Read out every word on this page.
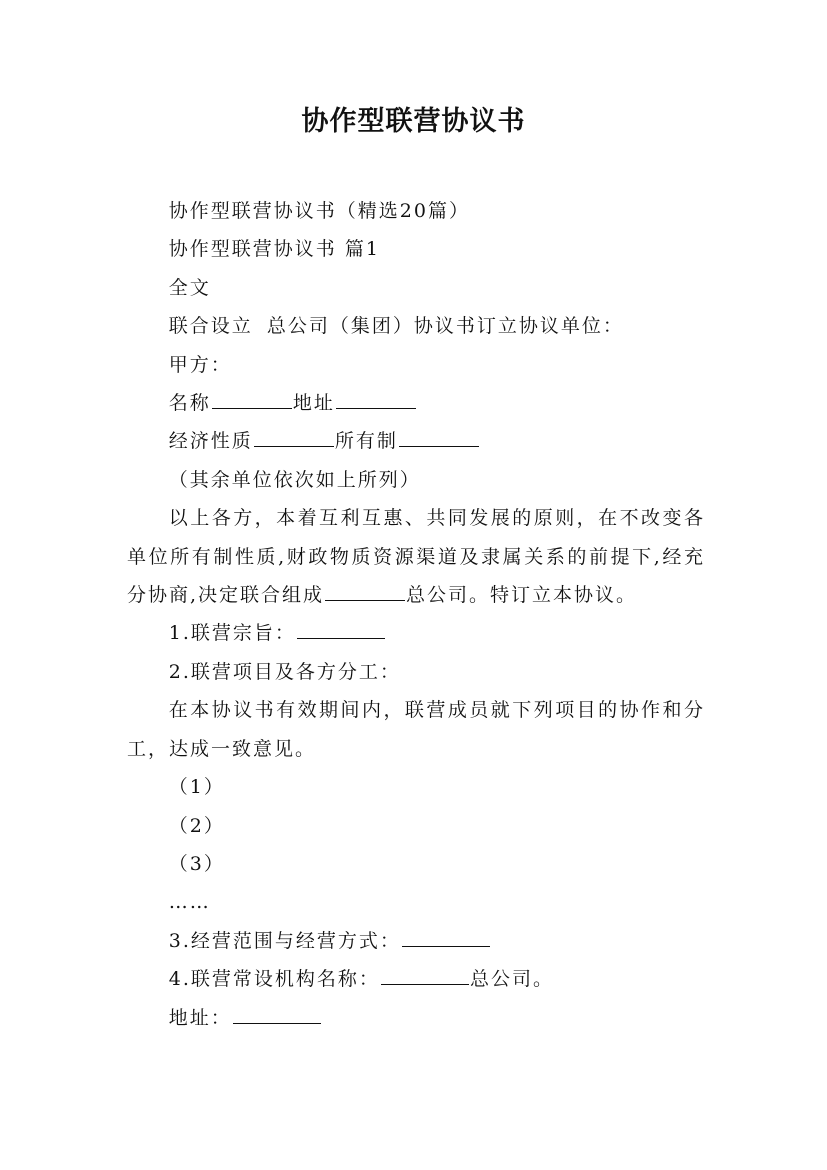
协作型联营协议书

协作型联营协议书（精选20篇）

协作型联营协议书 篇1

全文

联合设立 总公司（集团）协议书订立协议单位：

甲方：

名称	地址

经济性质	所有制

（其余单位依次如上所列）

以上各方，本着互利互惠、共同发展的原则，在不改变各单位所有制性质,财政物质资源渠道及隶属关系的前提下,经充分协商,决定联合组成	总公司。特订立本协议。

1.联营宗旨：

2.联营项目及各方分工：

在本协议书有效期间内，联营成员就下列项目的协作和分工，达成一致意见。

（1）

（2）

（3）

……

3.经营范围与经营方式：

4.联营常设机构名称：	总公司。

地址：
